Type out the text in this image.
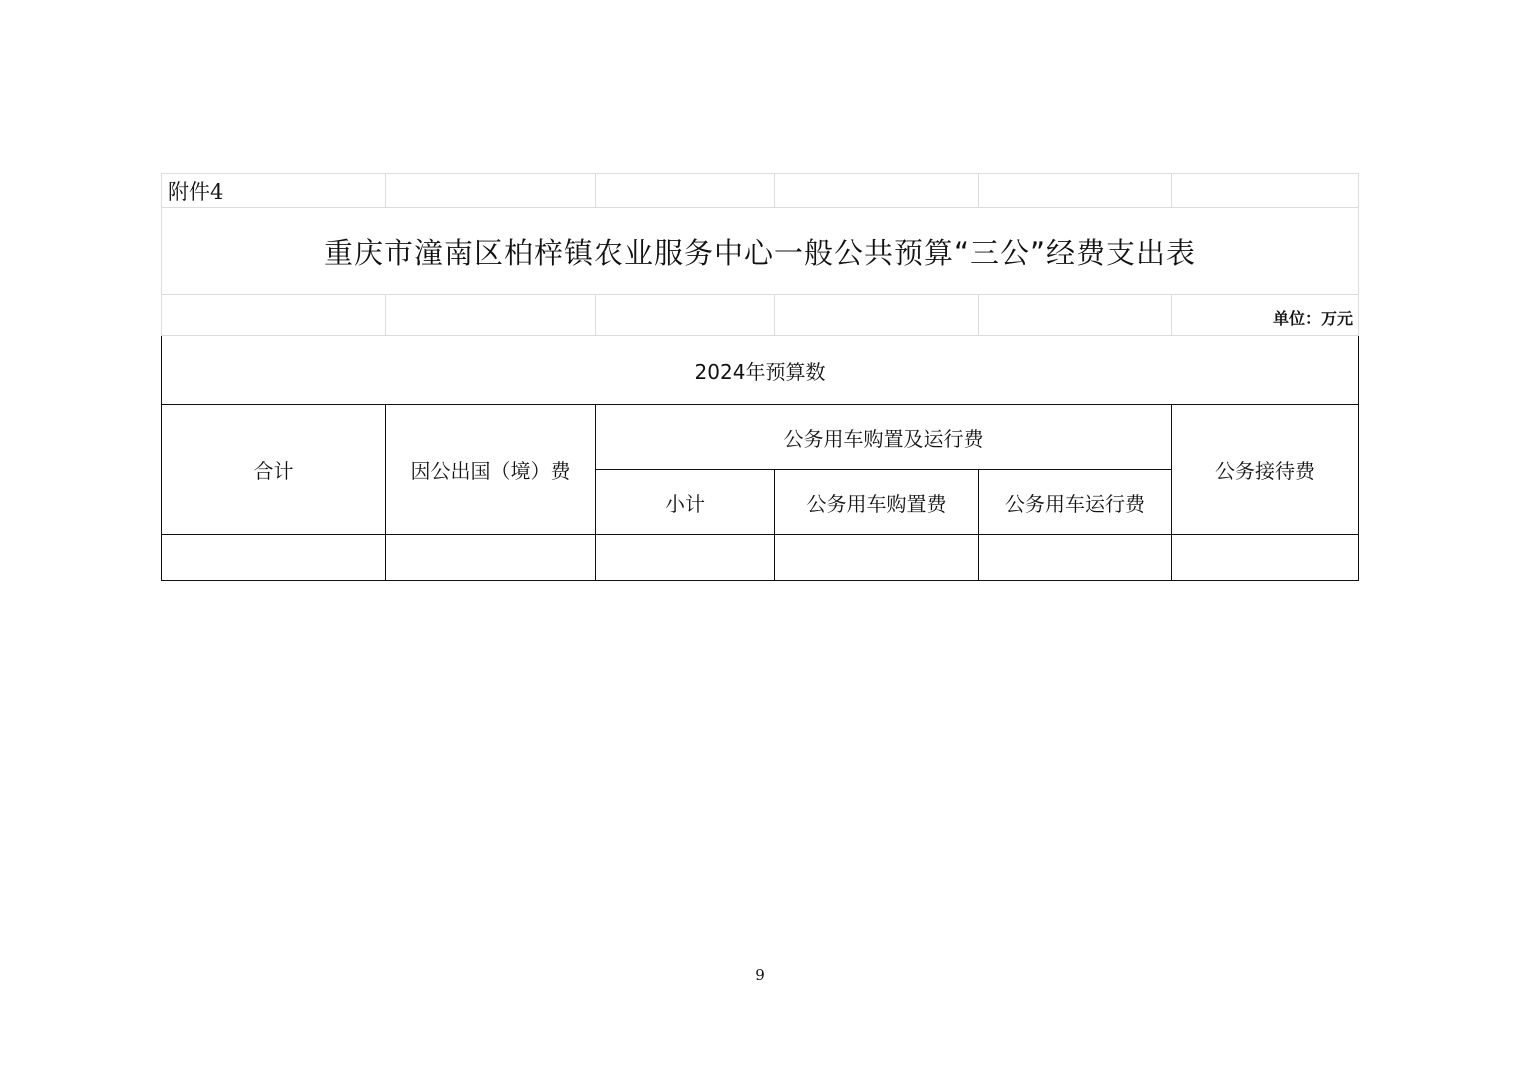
附件4					
重庆市潼南区柏梓镇农业服务中心一般公共预算“三公”经费支出表					
					单位：万元
2024年预算数					
合计	因公出国（境）费	公务用车购置及运行费			公务接待费
		小计	公务用车购置费	公务用车运行费	

9
